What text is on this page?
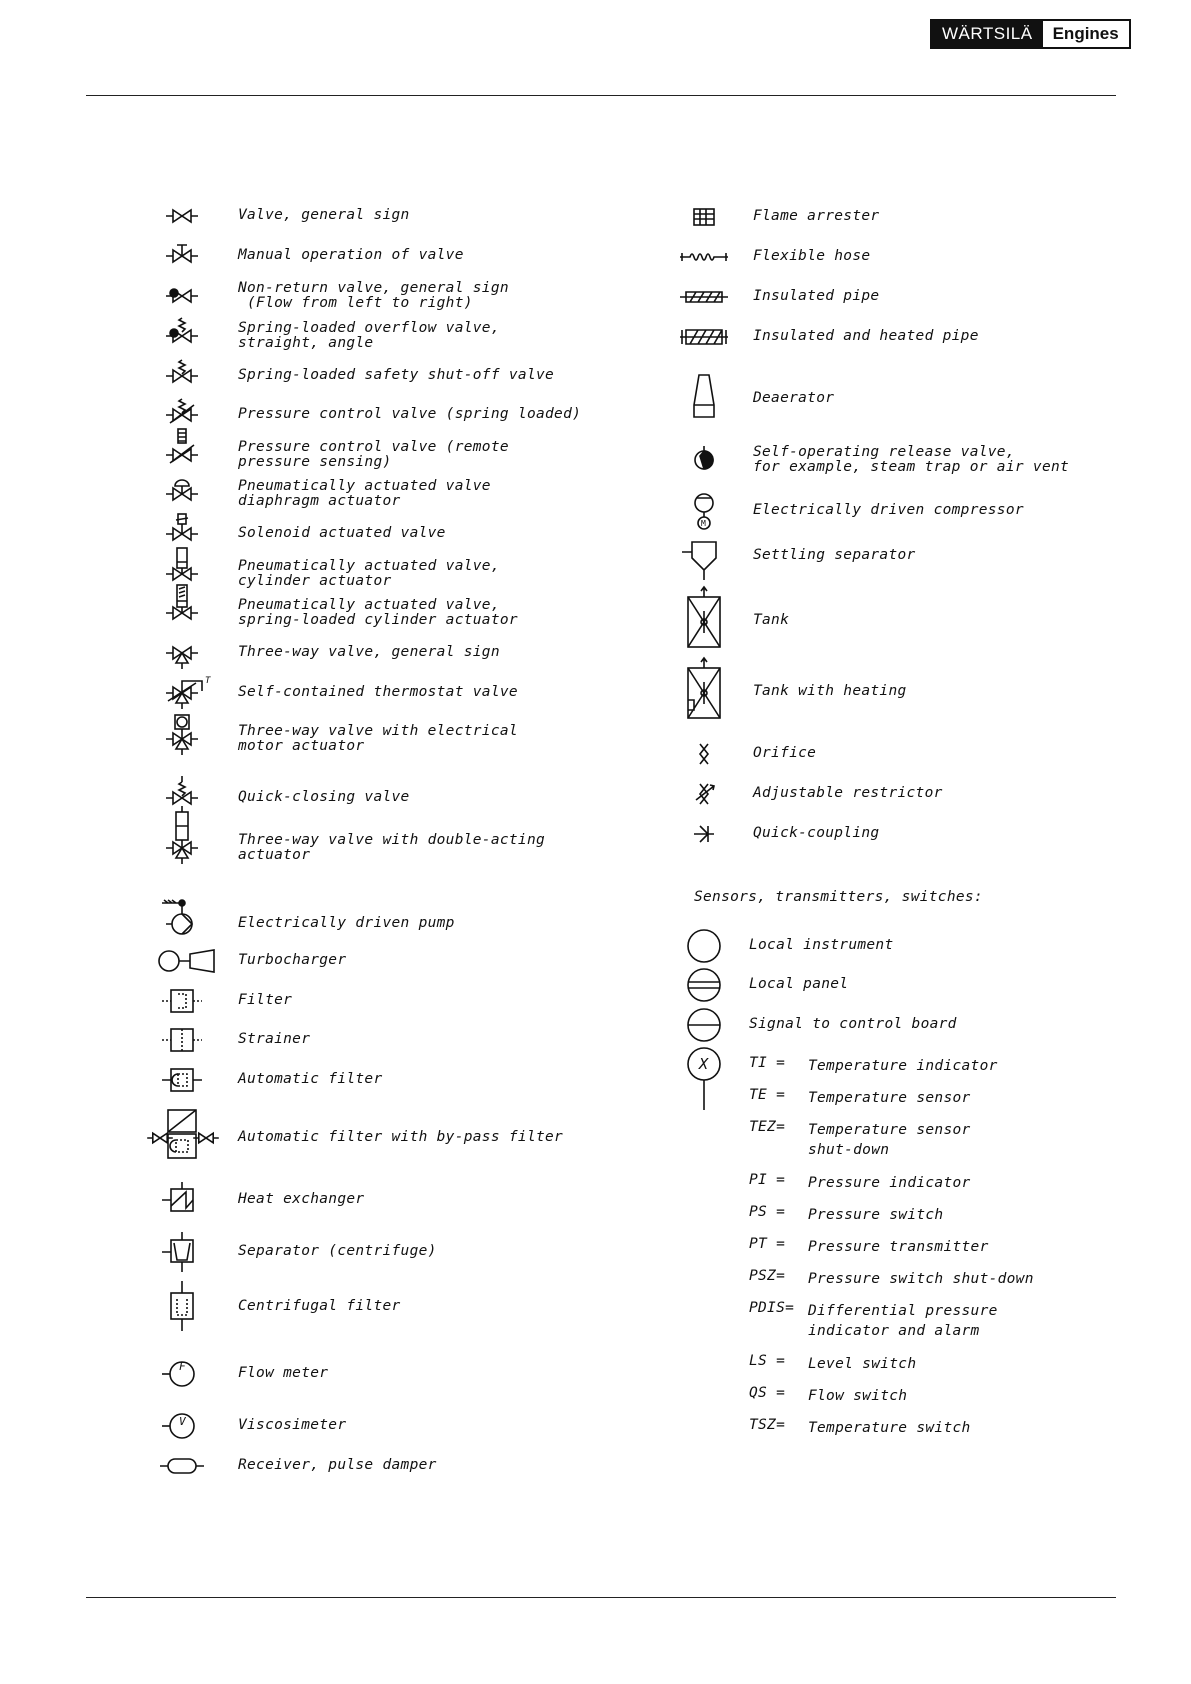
WÄRTSILÄ	Engines
T
F
V
M
X
Valve, general sign
Manual operation of valve
Non-return valve, general sign
(Flow from left to right)
Spring-loaded overflow valve,
straight, angle
Spring-loaded safety shut-off valve
Pressure control valve (spring loaded)
Pressure control valve (remote
pressure sensing)
Pneumatically actuated valve
diaphragm actuator
Solenoid actuated valve
Pneumatically actuated valve,
cylinder actuator
Pneumatically actuated valve,
spring-loaded cylinder actuator
Three-way valve, general sign
Self-contained thermostat valve
Three-way valve with electrical
motor actuator
Quick-closing valve
Three-way valve with double-acting
actuator
Electrically driven pump
Turbocharger
Filter
Strainer
Automatic filter
Automatic filter with by-pass filter
Heat exchanger
Separator (centrifuge)
Centrifugal filter
Flow meter
Viscosimeter
Receiver, pulse damper
Flame arrester
Flexible hose
Insulated pipe
Insulated and heated pipe
Deaerator
Self-operating release valve,
for example, steam trap or air vent
Electrically driven compressor
Settling separator
Tank
Tank with heating
Orifice
Adjustable restrictor
Quick-coupling
Sensors, transmitters, switches:
Local instrument
Local panel
Signal to control board
TI = Temperature indicator
TE = Temperature sensor
TEZ= Temperature sensor
shut-down
PI = Pressure indicator
PS = Pressure switch
PT = Pressure transmitter
PSZ= Pressure switch shut-down
PDIS= Differential pressure
indicator and alarm
LS = Level switch
QS = Flow switch
TSZ= Temperature switch
